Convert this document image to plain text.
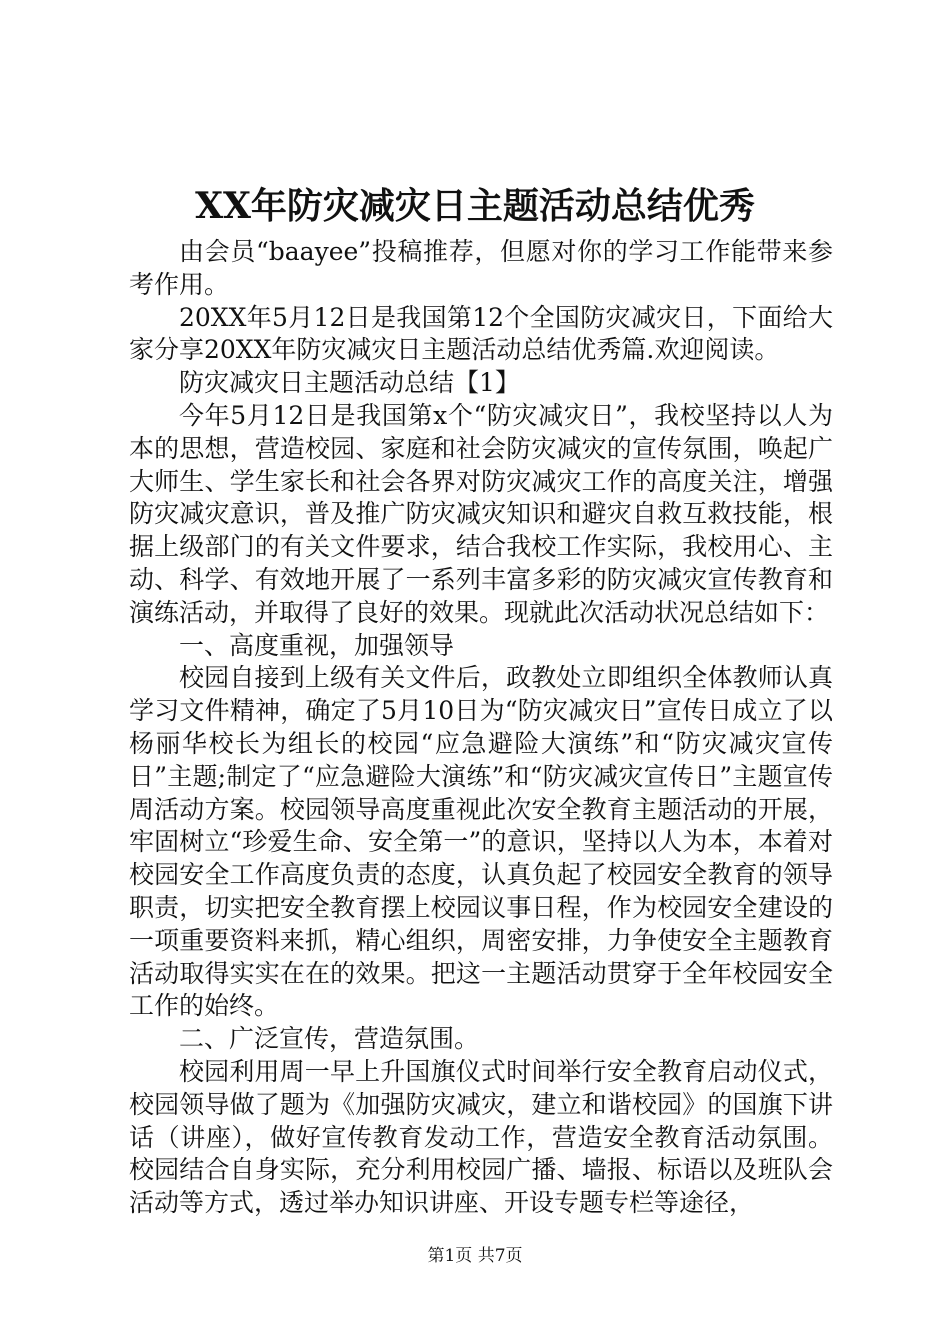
XX年防灾减灾日主题活动总结优秀

由会员“baayee”投稿推荐，但愿对你的学习工作能带来参考作用。

20XX年5月12日是我国第12个全国防灾减灾日，下面给大家分享20XX年防灾减灾日主题活动总结优秀篇.欢迎阅读。

防灾减灾日主题活动总结【1】

今年5月12日是我国第x个“防灾减灾日”，我校坚持以人为本的思想，营造校园、家庭和社会防灾减灾的宣传氛围，唤起广大师生、学生家长和社会各界对防灾减灾工作的高度关注，增强防灾减灾意识，普及推广防灾减灾知识和避灾自救互救技能，根据上级部门的有关文件要求，结合我校工作实际，我校用心、主动、科学、有效地开展了一系列丰富多彩的防灾减灾宣传教育和演练活动，并取得了良好的效果。现就此次活动状况总结如下：

一、高度重视，加强领导

校园自接到上级有关文件后，政教处立即组织全体教师认真学习文件精神，确定了5月10日为“防灾减灾日”宣传日成立了以杨丽华校长为组长的校园“应急避险大演练”和“防灾减灾宣传日”主题;制定了“应急避险大演练”和“防灾减灾宣传日”主题宣传周活动方案。校园领导高度重视此次安全教育主题活动的开展，牢固树立“珍爱生命、安全第一”的意识，坚持以人为本，本着对校园安全工作高度负责的态度，认真负起了校园安全教育的领导职责，切实把安全教育摆上校园议事日程，作为校园安全建设的一项重要资料来抓，精心组织，周密安排，力争使安全主题教育活动取得实实在在的效果。把这一主题活动贯穿于全年校园安全工作的始终。

二、广泛宣传，营造氛围。

校园利用周一早上升国旗仪式时间举行安全教育启动仪式，校园领导做了题为《加强防灾减灾，建立和谐校园》的国旗下讲话（讲座），做好宣传教育发动工作，营造安全教育活动氛围。校园结合自身实际，充分利用校园广播、墙报、标语以及班队会活动等方式，透过举办知识讲座、开设专题专栏等途径，

第1页 共7页
